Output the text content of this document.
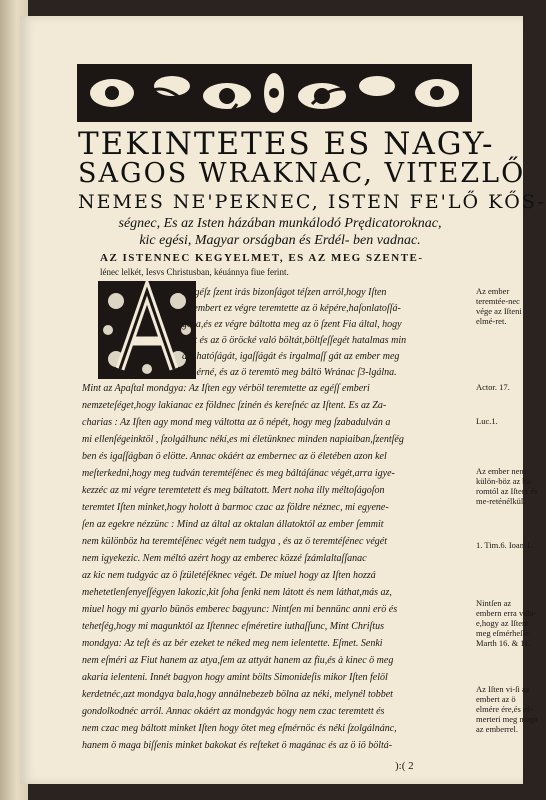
TEKINTETES ES NAGY-
SAGOS WRAKNAC, VITEZLŐ
NEMES NE'PEKNEC, ISTEN FE'LŐ KŐS-
ségnec, Es az Isten házában munkálodó Prędicatoroknac,
kic egési, Magyar orságban és Erdél- ben vadnac.
AZ ISTENNEC KEGYELMET, ES AZ MEG SZENTE-
lénec lelkét, Iesvs Christusban, kéuánnya fiue ferint.
Z egéſz ſzent irás bizonſágot téſzen arról,hogy Iſten
az embert ez végre teremtette az ö képére,haſonlatoſſá-
gára,és ez végre báltotta meg az ö ſzent Fia által, hogy
ötet és az ö öröcké való böltát,böltſeſſegét hatalmas min
denhatóſágát, igaſſágát és irgalmaſſ gát az ember meg
eſmérné, és az ö teremtö meg báltö Wránac ſ3-lgálna.
Mint az Apaſtal mondgya: Az Iſten egy vérböl teremtette az egéſſ emberi
nemzeteſéget,hogy lakianac ez földnec ſzinén és kereſnéc az Iſtent. Es az Za-
charias : Az Iſten agy mond meg váltotta az ö népét, hogy meg ſzabadulván a
mi ellenſégeinktöl , ſzolgálhunc nékí,es mi életünknec minden napiaiban,ſzentſég
ben és igaſſágban ö elötte. Annac okáért az embernec az ö életében azon kel
meſterkedni,hogy meg tudván teremtéſénec és meg báltáſánac végét,arra igye-
kezzéc az mi végre teremtetett és meg báltatott. Mert noha illy méltoſágoſon
teremtet Iſten minket,hogy holott à barmoc czac az földre néznec, mi egyene-
ſen az egekre nézzünc : Mind az által az oktalan állatoktól az ember ſemmit
nem különböz ha teremtéſénec végét nem tudgya , és az ö teremtéſénec végét
nem igyekezic. Nem méltó azért hogy az emberec közzé ſzámlaltaſſanac
az kic nem tudgyác az ö ſzületéſéknec végét. De miuel hogy az Iſten hozzá
mehetetlenſenyeſſégyen lakozic,kit ſoha ſenki nem látott és nem láthat,más az,
miuel hogy mi gyarlo bünös emberec bagyunc: Nintſen mi bennünc anni erö és
tehetſég,hogy mi magunktól az Iſtennec eſméretire iuthaſſunc, Mint Chriſtus
mondgya: Az teſt és az bér ezeket te néked meg nem ielentette. Eſmet. Senki
nem eſméri az Fiut hanem az atya,ſem az attyát hanem az fiu,és à kinec ö meg
akaria ielenteni. Innét bagyon hogy amint bölts Simonideſis mikor Iſten felöl
kerdetnéc,azt mondgya bala,hogy annálnebezeb bölna az néki, melynél tobbet
gondolkodnéc arról. Annac okáért az mondgyác hogy nem czac teremtett és
nem czac meg báltott minket Iſten hogy ötet meg eſmérnöc és néki ſzolgálnánc,
hanem ö maga biſſenis minket bakokat és reſteket ö magánac és az ö iö böltá-
Az ember teremtée-nec vége az Iſteni elmé-ret.
Actor. 17.
Luc.1.
Az ember nem külön-böz az ba-romtól az Iſteni és me-reténélkül.
1. Tim.6. Ioan.1.
Nintſen az embern erra valo-e,hogy az Iſtent meg eſmérheſſe. Marth 16. & 11.
Az Iſten vi-ſi az embert az ö elmére ére,és ef-merteri meg maga az emberrel.
):( 2
